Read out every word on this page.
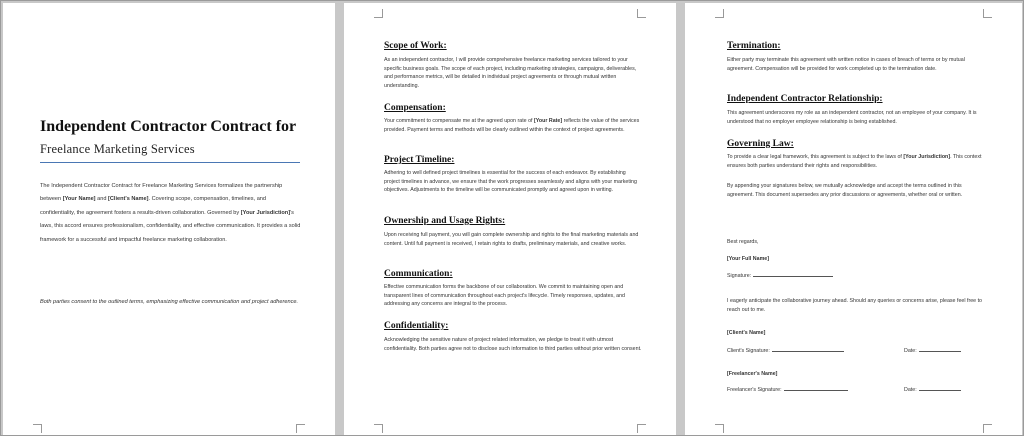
Independent Contractor Contract for
Freelance Marketing Services
The Independent Contractor Contract for Freelance Marketing Services formalizes the partnership between [Your Name] and [Client's Name]. Covering scope, compensation, timelines, and confidentiality, the agreement fosters a results-driven collaboration. Governed by [Your Jurisdiction]'s laws, this accord ensures professionalism, confidentiality, and effective communication. It provides a solid framework for a successful and impactful freelance marketing collaboration.
Both parties consent to the outlined terms, emphasizing effective communication and project adherence.
Scope of Work:
As an independent contractor, I will provide comprehensive freelance marketing services tailored to your specific business goals. The scope of each project, including marketing strategies, campaigns, deliverables, and performance metrics, will be detailed in individual project agreements or through mutual written understanding.
Compensation:
Your commitment to compensate me at the agreed upon rate of [Your Rate] reflects the value of the services provided. Payment terms and methods will be clearly outlined within the context of project agreements.
Project Timeline:
Adhering to well defined project timelines is essential for the success of each endeavor. By establishing project timelines in advance, we ensure that the work progresses seamlessly and aligns with your marketing objectives. Adjustments to the timeline will be communicated promptly and agreed upon in writing.
Ownership and Usage Rights:
Upon receiving full payment, you will gain complete ownership and rights to the final marketing materials and content. Until full payment is received, I retain rights to drafts, preliminary materials, and creative works.
Communication:
Effective communication forms the backbone of our collaboration. We commit to maintaining open and transparent lines of communication throughout each project's lifecycle. Timely responses, updates, and addressing any concerns are integral to the process.
Confidentiality:
Acknowledging the sensitive nature of project related information, we pledge to treat it with utmost confidentiality. Both parties agree not to disclose such information to third parties without prior written consent.
Termination:
Either party may terminate this agreement with written notice in cases of breach of terms or by mutual agreement. Compensation will be provided for work completed up to the termination date.
Independent Contractor Relationship:
This agreement underscores my role as an independent contractor, not an employee of your company. It is understood that no employer employee relationship is being established.
Governing Law:
To provide a clear legal framework, this agreement is subject to the laws of [Your Jurisdiction]. This context ensures both parties understand their rights and responsibilities.
By appending your signatures below, we mutually acknowledge and accept the terms outlined in this agreement. This document supersedes any prior discussions or agreements, whether oral or written.
Best regards,
[Your Full Name]
Signature:
I eagerly anticipate the collaborative journey ahead. Should any queries or concerns arise, please feel free to reach out to me.
[Client's Name]
Client's Signature:	Date:
[Freelancer's Name]
Freelancer's Signature:	Date:
